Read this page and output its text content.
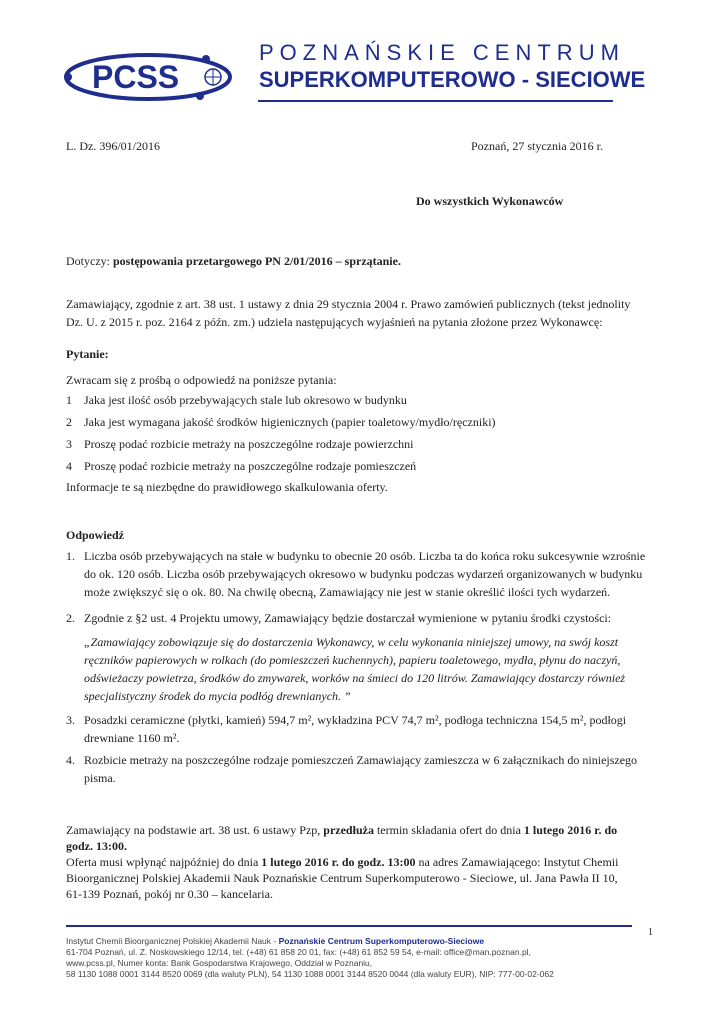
PCSS
POZNAŃSKIE CENTRUM
SUPERKOMPUTEROWO - SIECIOWE
L. Dz. 396/01/2016	Poznań, 27 stycznia 2016 r.
Do wszystkich Wykonawców
Dotyczy: postępowania przetargowego PN 2/01/2016 – sprzątanie.
Zamawiający, zgodnie z art. 38 ust. 1 ustawy z dnia 29 stycznia 2004 r. Prawo zamówień publicznych (tekst jednolity
Dz. U. z 2015 r. poz. 2164 z późn. zm.) udziela następujących wyjaśnień na pytania złożone przez Wykonawcę:
Pytanie:
Zwracam się z prośbą o odpowiedź na poniższe pytania:
1	Jaka jest ilość osób przebywających stale lub okresowo w budynku
2	Jaka jest wymagana jakość środków higienicznych (papier toaletowy/mydło/ręczniki)
3	Proszę podać rozbicie metraży na poszczególne rodzaje powierzchni
4	Proszę podać rozbicie metraży na poszczególne rodzaje pomieszczeń
Informacje te są niezbędne do prawidłowego skalkulowania oferty.
Odpowiedź
1. Liczba osób przebywających na stałe w budynku to obecnie 20 osób. Liczba ta do końca roku sukcesywnie wzrośnie
do ok. 120 osób. Liczba osób przebywających okresowo w budynku podczas wydarzeń organizowanych w budynku
może zwiększyć się o ok. 80. Na chwilę obecną, Zamawiający nie jest w stanie określić ilości tych wydarzeń.
2. Zgodnie z §2 ust. 4 Projektu umowy, Zamawiający będzie dostarczał wymienione w pytaniu środki czystości:
„Zamawiający zobowiązuje się do dostarczenia Wykonawcy, w celu wykonania niniejszej umowy, na swój koszt
ręczników papierowych w rolkach (do pomieszczeń kuchennych), papieru toaletowego, mydła, płynu do naczyń,
odświeżaczy powietrza, środków do zmywarek, worków na śmieci do 120 litrów. Zamawiający dostarczy również
specjalistyczny środek do mycia podłóg drewnianych. ”
3. Posadzki ceramiczne (płytki, kamień) 594,7 m², wykładzina PCV 74,7 m², podłoga techniczna 154,5 m², podłogi
drewniane 1160 m².
4. Rozbicie metraży na poszczególne rodzaje pomieszczeń Zamawiający zamieszcza w 6 załącznikach do niniejszego
pisma.
Zamawiający na podstawie art. 38 ust. 6 ustawy Pzp, przedłuża termin składania ofert do dnia 1 lutego 2016 r. do
godz. 13:00.
Oferta musi wpłynąć najpóźniej do dnia 1 lutego 2016 r. do godz. 13:00 na adres Zamawiającego: Instytut Chemii
Bioorganicznej Polskiej Akademii Nauk Poznańskie Centrum Superkomputerowo - Sieciowe, ul. Jana Pawła II 10,
61-139 Poznań, pokój nr 0.30 – kancelaria.
1
Instytut Chemii Bioorganicznej Polskiej Akademii Nauk - Poznańskie Centrum Superkomputerowo-Sieciowe
61-704 Poznań, ul. Z. Noskowskiego 12/14, tel. (+48) 61 858 20 01, fax: (+48) 61 852 59 54, e-mail: office@man.poznan.pl,
www.pcss.pl, Numer konta: Bank Gospodarstwa Krajowego, Oddział w Poznaniu,
58 1130 1088 0001 3144 8520 0069 (dla waluty PLN), 54 1130 1088 0001 3144 8520 0044 (dla waluty EUR), NIP: 777-00-02-062
